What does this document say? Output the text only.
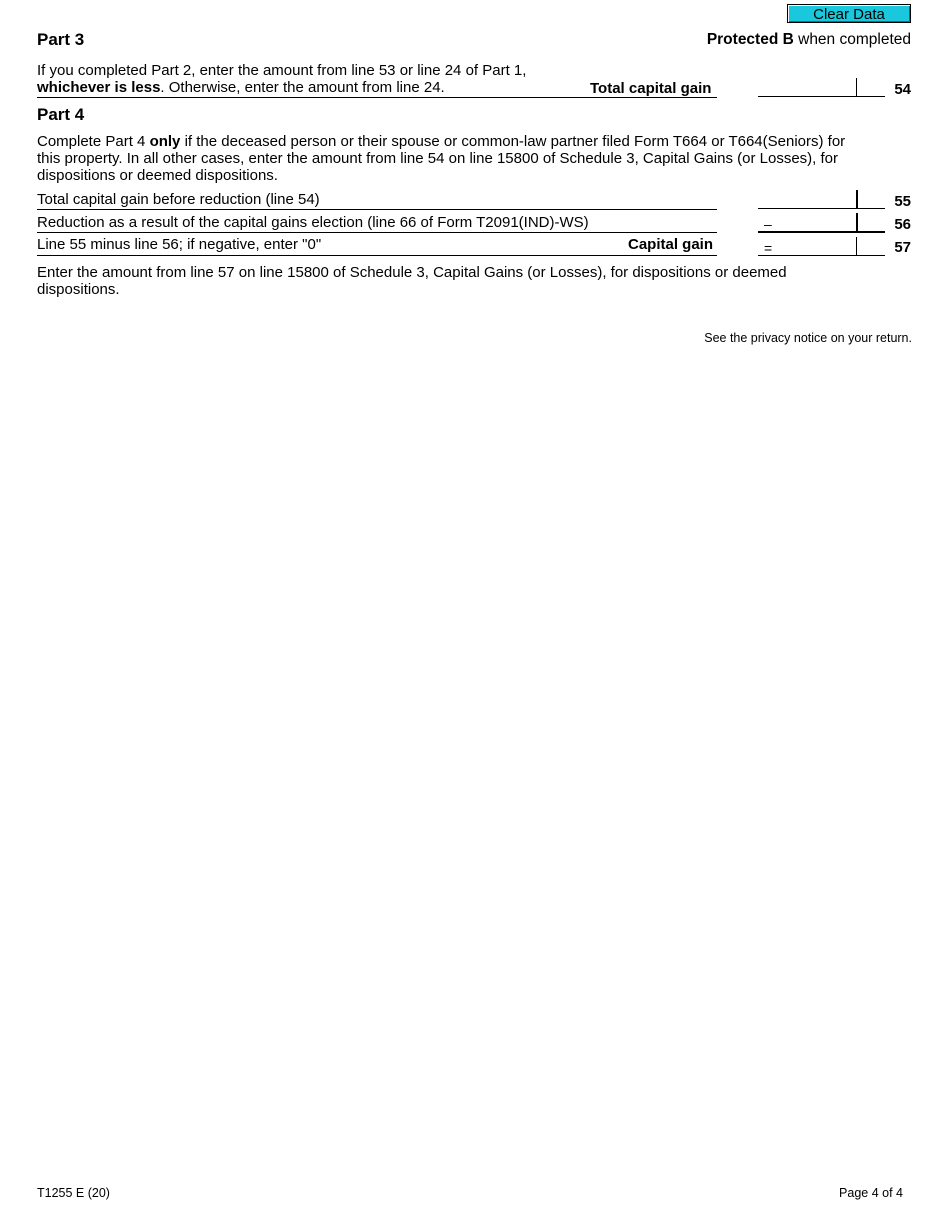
Clear Data
Part 3	Protected B when completed
If you completed Part 2, enter the amount from line 53 or line 24 of Part 1,
whichever is less. Otherwise, enter the amount from line 24.	Total capital gain	54
Part 4
Complete Part 4 only if the deceased person or their spouse or common-law partner filed Form T664 or T664(Seniors) for
this property. In all other cases, enter the amount from line 54 on line 15800 of Schedule 3, Capital Gains (or Losses), for
dispositions or deemed dispositions.
Total capital gain before reduction (line 54)	55
Reduction as a result of the capital gains election (line 66 of Form T2091(IND)-WS)	–	56
Line 55 minus line 56; if negative, enter "0"	Capital gain	=	57
Enter the amount from line 57 on line 15800 of Schedule 3, Capital Gains (or Losses), for dispositions or deemed
dispositions.
See the privacy notice on your return.
T1255 E (20)	Page 4 of 4
